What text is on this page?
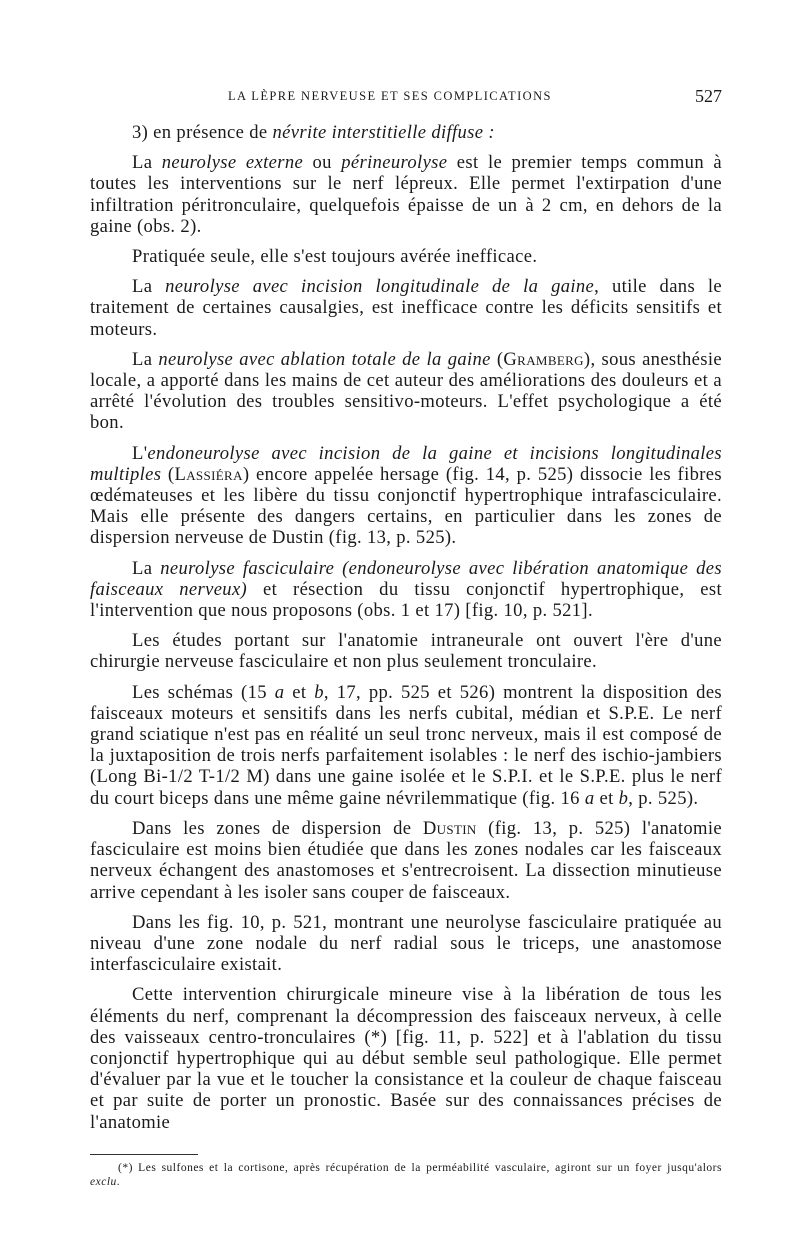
LA LÈPRE NERVEUSE ET SES COMPLICATIONS	527

3) en présence de névrite interstitielle diffuse :

La neurolyse externe ou périneurolyse est le premier temps commun à toutes les interventions sur le nerf lépreux. Elle permet l'extirpation d'une infiltration péritronculaire, quelquefois épaisse de un à 2 cm, en dehors de la gaine (obs. 2).

Pratiquée seule, elle s'est toujours avérée inefficace.

La neurolyse avec incision longitudinale de la gaine, utile dans le traitement de certaines causalgies, est inefficace contre les déficits sensitifs et moteurs.

La neurolyse avec ablation totale de la gaine (Gramberg), sous anesthésie locale, a apporté dans les mains de cet auteur des améliorations des douleurs et a arrêté l'évolution des troubles sensitivo-moteurs. L'effet psychologique a été bon.

L'endoneurolyse avec incision de la gaine et incisions longitudinales multiples (Lassiéra) encore appelée hersage (fig. 14, p. 525) dissocie les fibres œdémateuses et les libère du tissu conjonctif hypertrophique intrafasciculaire. Mais elle présente des dangers certains, en particulier dans les zones de dispersion nerveuse de Dustin (fig. 13, p. 525).

La neurolyse fasciculaire (endoneurolyse avec libération anatomique des faisceaux nerveux) et résection du tissu conjonctif hypertrophique, est l'intervention que nous proposons (obs. 1 et 17) [fig. 10, p. 521].

Les études portant sur l'anatomie intraneurale ont ouvert l'ère d'une chirurgie nerveuse fasciculaire et non plus seulement tronculaire.

Les schémas (15 a et b, 17, pp. 525 et 526) montrent la disposition des faisceaux moteurs et sensitifs dans les nerfs cubital, médian et S.P.E. Le nerf grand sciatique n'est pas en réalité un seul tronc nerveux, mais il est composé de la juxtaposition de trois nerfs parfaitement isolables : le nerf des ischio-jambiers (Long Bi-1/2 T-1/2 M) dans une gaine isolée et le S.P.I. et le S.P.E. plus le nerf du court biceps dans une même gaine névrilemmatique (fig. 16 a et b, p. 525).

Dans les zones de dispersion de Dustin (fig. 13, p. 525) l'anatomie fasciculaire est moins bien étudiée que dans les zones nodales car les faisceaux nerveux échangent des anastomoses et s'entrecroisent. La dissection minutieuse arrive cependant à les isoler sans couper de faisceaux.

Dans les fig. 10, p. 521, montrant une neurolyse fasciculaire pratiquée au niveau d'une zone nodale du nerf radial sous le triceps, une anastomose interfasciculaire existait.

Cette intervention chirurgicale mineure vise à la libération de tous les éléments du nerf, comprenant la décompression des faisceaux nerveux, à celle des vaisseaux centro-tronculaires (*) [fig. 11, p. 522] et à l'ablation du tissu conjonctif hypertrophique qui au début semble seul pathologique. Elle permet d'évaluer par la vue et le toucher la consistance et la couleur de chaque faisceau et par suite de porter un pronostic. Basée sur des connaissances précises de l'anatomie

(*) Les sulfones et la cortisone, après récupération de la perméabilité vasculaire, agiront sur un foyer jusqu'alors exclu.
